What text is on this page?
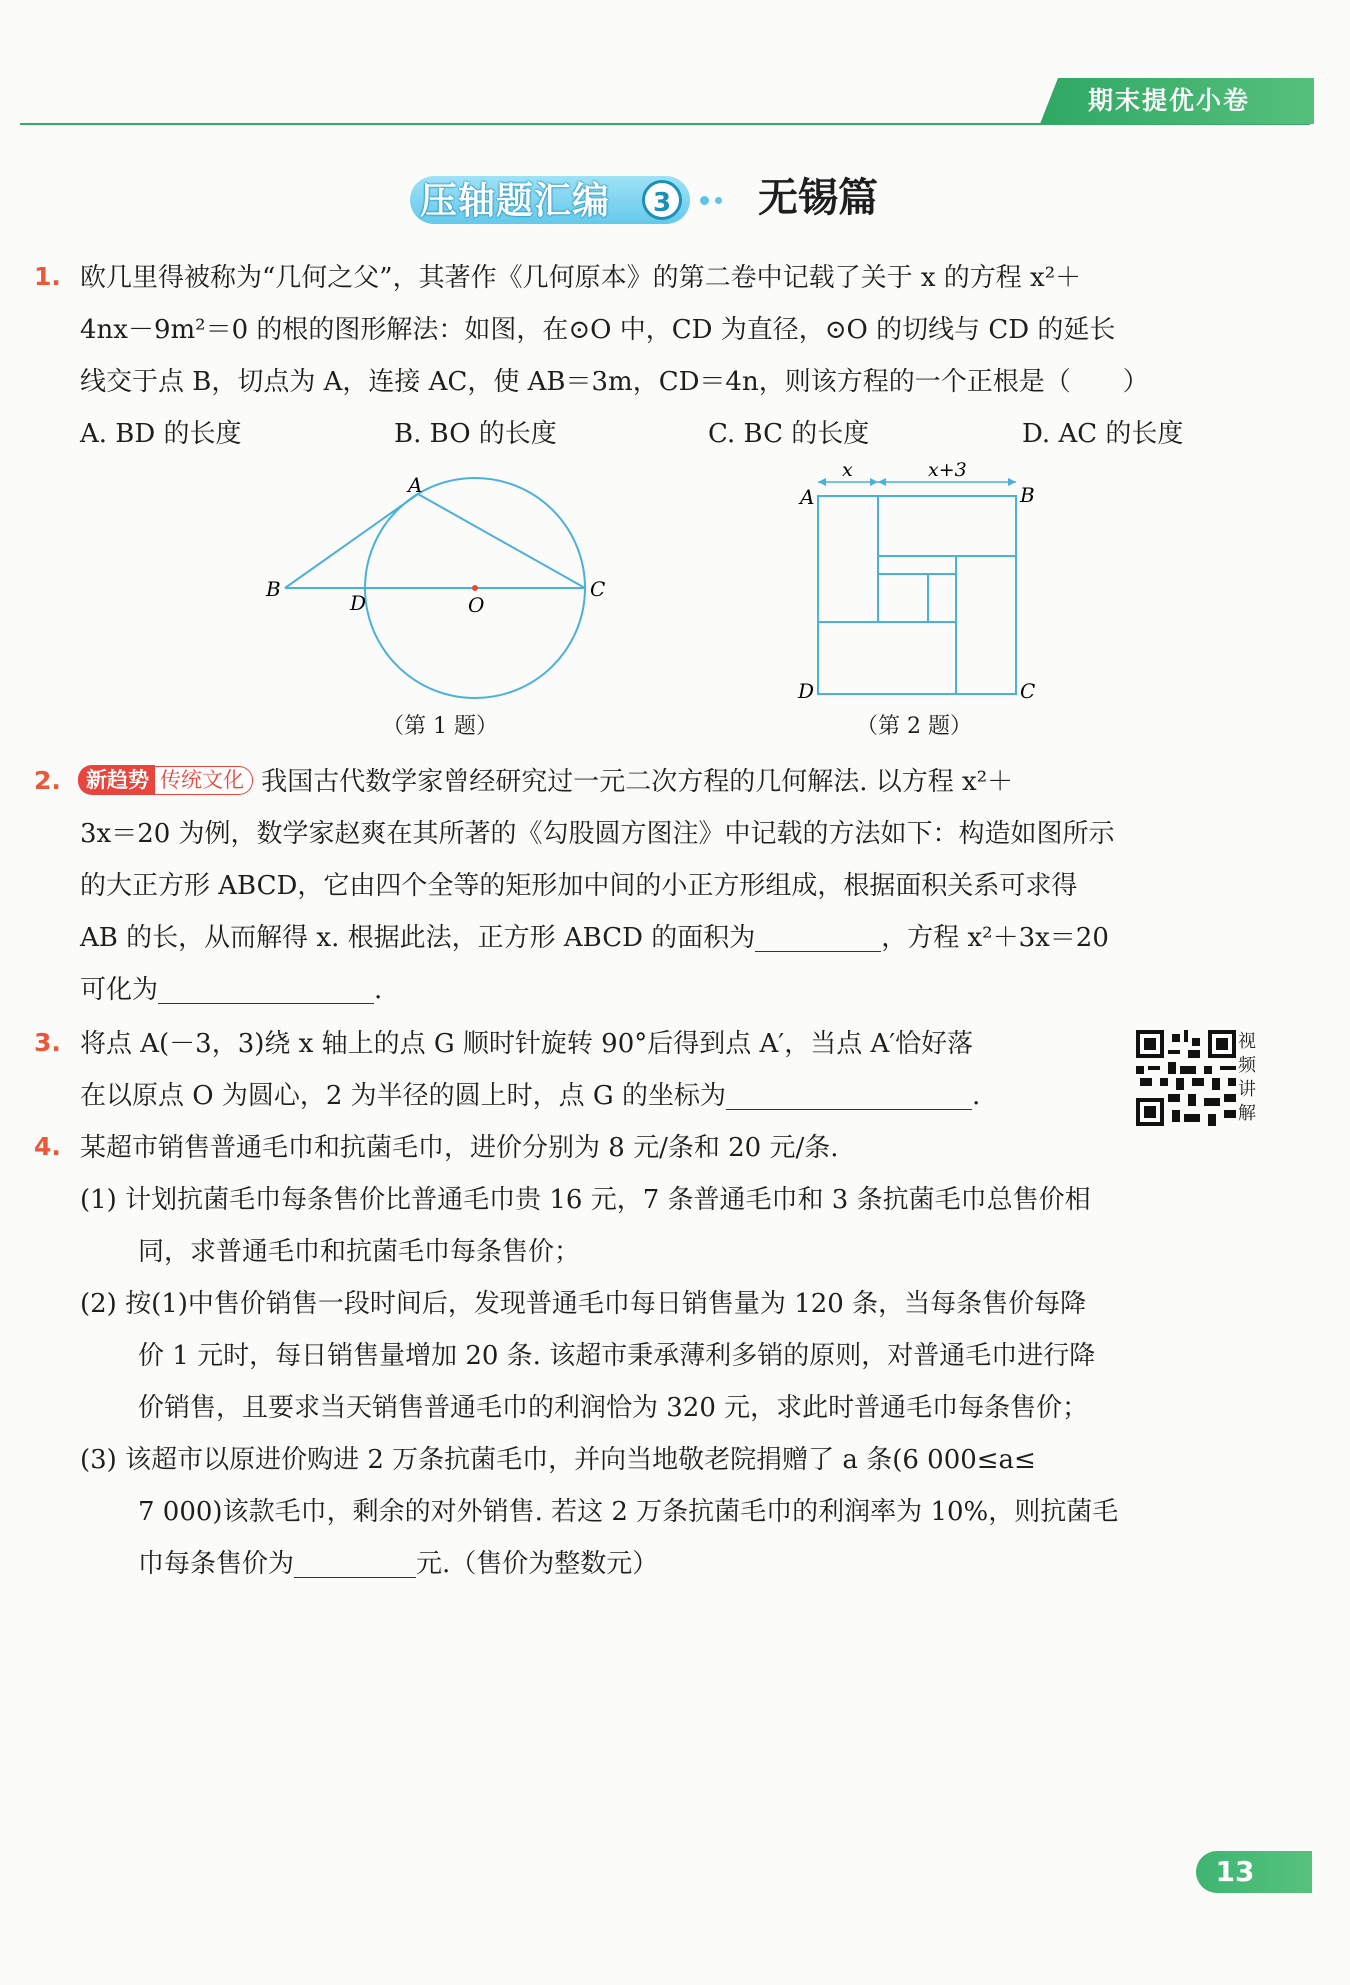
期末提优小卷
压轴题汇编	3 无锡篇
1. 欧几里得被称为“几何之父”，其著作《几何原本》的第二卷中记载了关于 x 的方程 x²＋
4nx－9m²＝0 的根的图形解法：如图，在⊙O 中，CD 为直径，⊙O 的切线与 CD 的延长
线交于点 B，切点为 A，连接 AC，使 AB＝3m，CD＝4n，则该方程的一个正根是（　　）
A. BD 的长度	B. BO 的长度	C. BC 的长度	D. AC 的长度
A
B	C
D	O
（第 1 题）
x	x+3
A	B
C
D
（第 2 题）
2.	新趋势 传统文化 我国古代数学家曾经研究过一元二次方程的几何解法. 以方程 x²＋
3x＝20 为例，数学家赵爽在其所著的《勾股圆方图注》中记载的方法如下：构造如图所示
的大正方形 ABCD，它由四个全等的矩形加中间的小正方形组成，根据面积关系可求得
AB 的长，从而解得 x. 根据此法，正方形 ABCD 的面积为	，方程 x²＋3x＝20
可化为	.
3. 将点 A(－3，3)绕 x 轴上的点 G 顺时针旋转 90°后得到点 A′，当点 A′恰好落
在以原点 O 为圆心，2 为半径的圆上时，点 G 的坐标为	.
视频讲解
4. 某超市销售普通毛巾和抗菌毛巾，进价分别为 8 元/条和 20 元/条.
(1) 计划抗菌毛巾每条售价比普通毛巾贵 16 元，7 条普通毛巾和 3 条抗菌毛巾总售价相
同，求普通毛巾和抗菌毛巾每条售价；
(2) 按(1)中售价销售一段时间后，发现普通毛巾每日销售量为 120 条，当每条售价每降
价 1 元时，每日销售量增加 20 条. 该超市秉承薄利多销的原则，对普通毛巾进行降
价销售，且要求当天销售普通毛巾的利润恰为 320 元，求此时普通毛巾每条售价；
(3) 该超市以原进价购进 2 万条抗菌毛巾，并向当地敬老院捐赠了 a 条(6 000≤a≤
7 000)该款毛巾，剩余的对外销售. 若这 2 万条抗菌毛巾的利润率为 10%，则抗菌毛
巾每条售价为	元.（售价为整数元）
13
